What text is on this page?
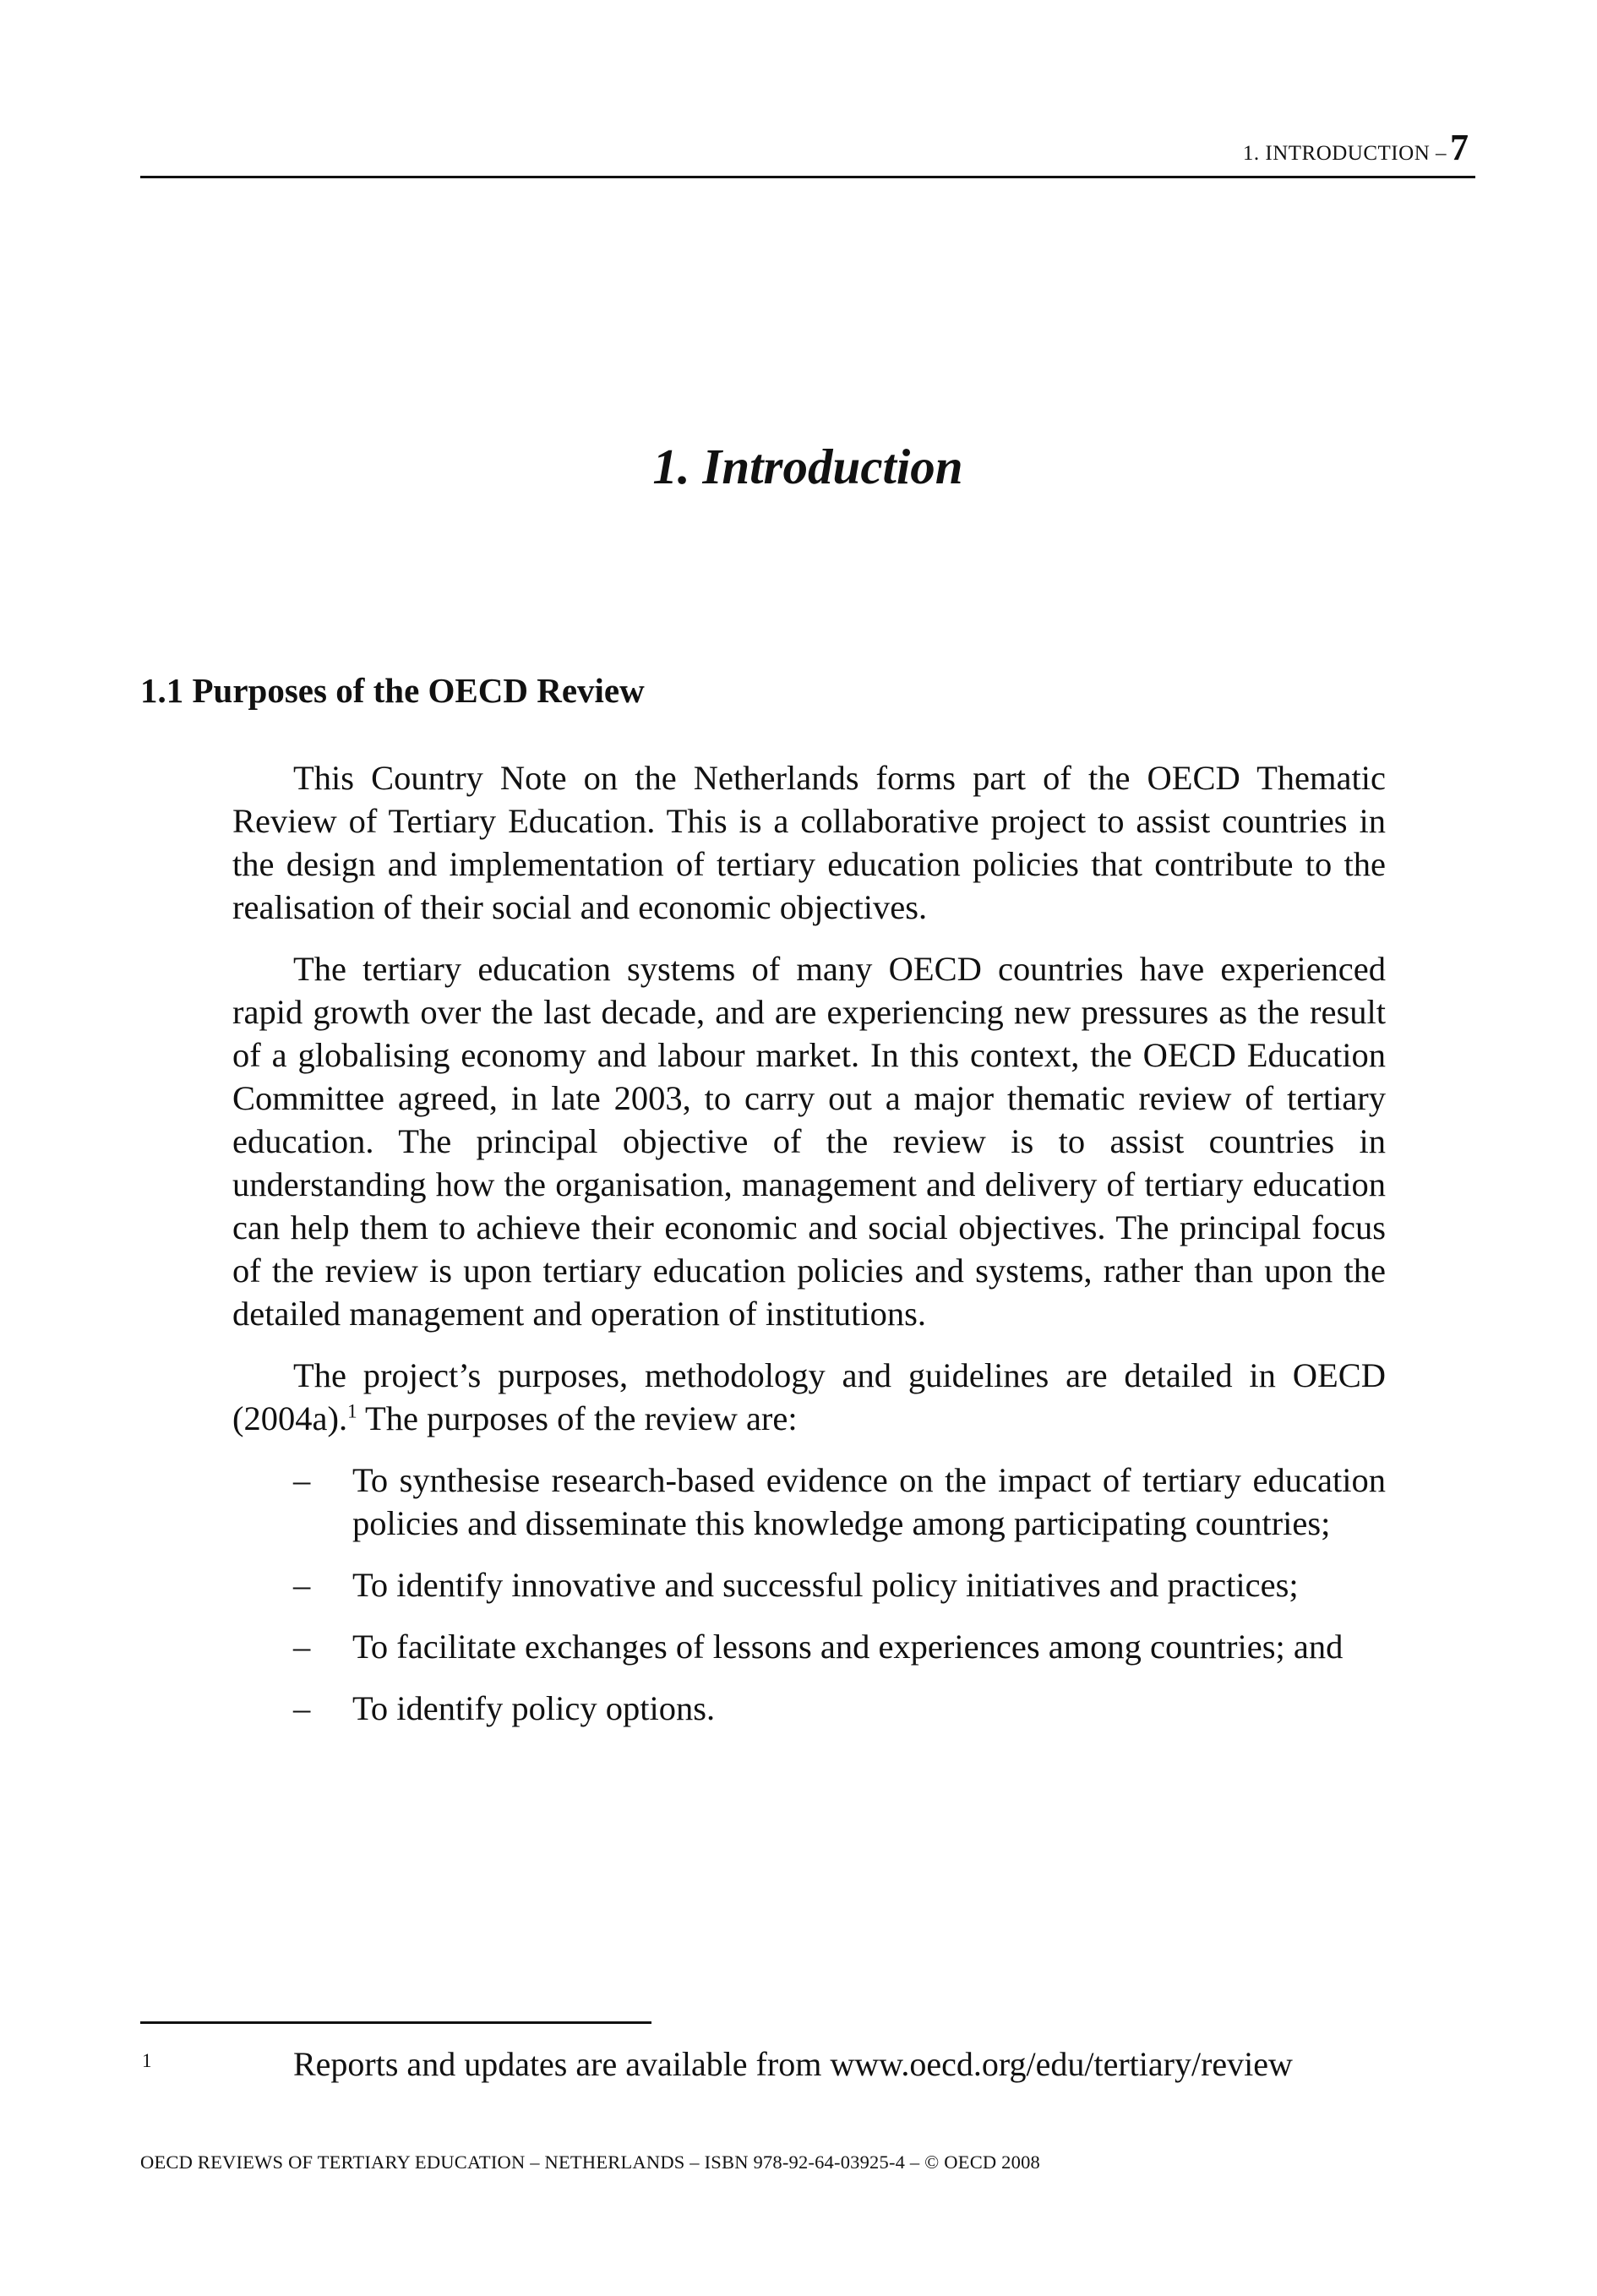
1. INTRODUCTION –7
1. Introduction
1.1 Purposes of the OECD Review

This Country Note on the Netherlands forms part of the OECD Thematic Review of Tertiary Education. This is a collaborative project to assist countries in the design and implementation of tertiary education policies that contribute to the realisation of their social and economic objectives.

The tertiary education systems of many OECD countries have experienced rapid growth over the last decade, and are experiencing new pressures as the result of a globalising economy and labour market. In this context, the OECD Education Committee agreed, in late 2003, to carry out a major thematic review of tertiary education. The principal objective of the review is to assist countries in understanding how the organisation, management and delivery of tertiary education can help them to achieve their economic and social objectives. The principal focus of the review is upon tertiary education policies and systems, rather than upon the detailed management and operation of institutions.

The project’s purposes, methodology and guidelines are detailed in OECD (2004a).$^1$ The purposes of the review are:

– To synthesise research-based evidence on the impact of tertiary education policies and disseminate this knowledge among participating countries;
– To identify innovative and successful policy initiatives and practices;
– To facilitate exchanges of lessons and experiences among countries; and
– To identify policy options.
1	Reports and updates are available from www.oecd.org/edu/tertiary/review
OECD REVIEWS OF TERTIARY EDUCATION – NETHERLANDS – ISBN 978-92-64-03925-4 – © OECD 2008
